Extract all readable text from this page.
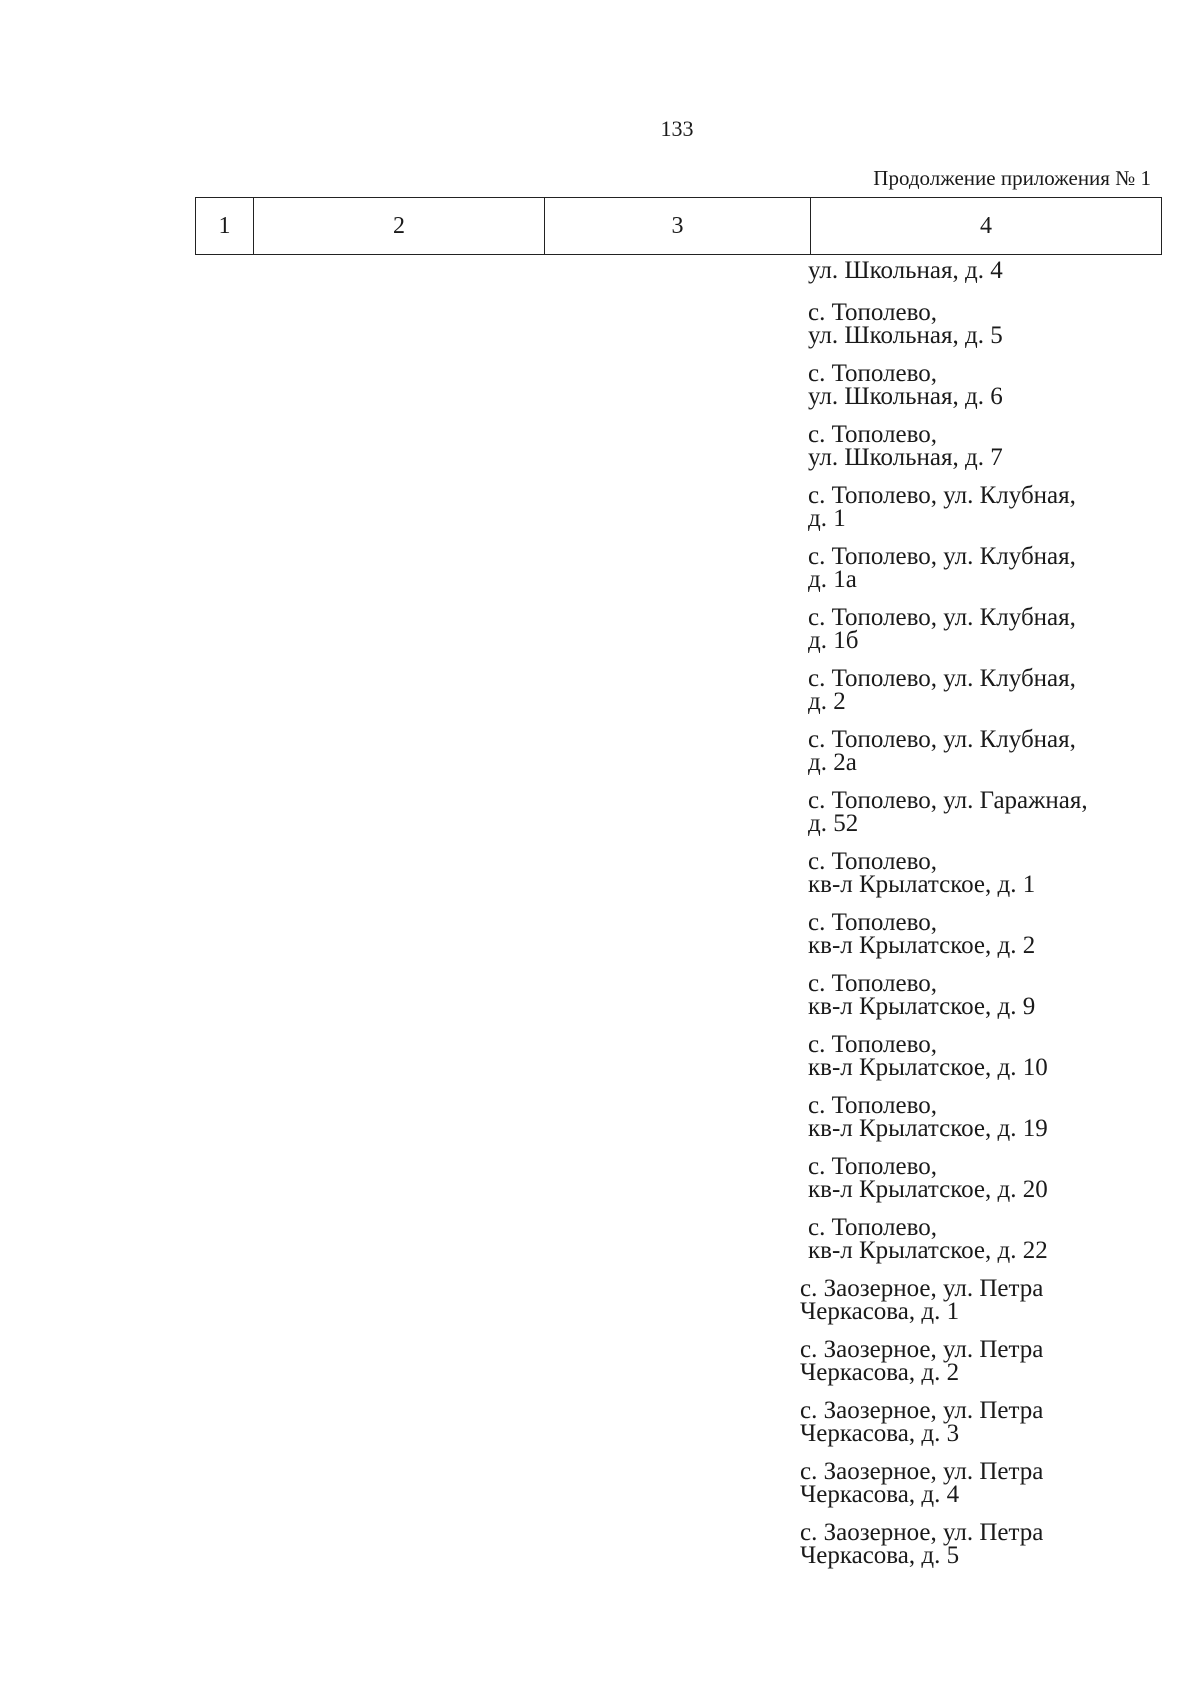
133
Продолжение приложения № 1
1	2	3	4
ул. Школьная, д. 4
с. Тополево,
ул. Школьная, д. 5
с. Тополево,
ул. Школьная, д. 6
с. Тополево,
ул. Школьная, д. 7
с. Тополево, ул. Клубная,
д. 1
с. Тополево, ул. Клубная,
д. 1а
с. Тополево, ул. Клубная,
д. 1б
с. Тополево, ул. Клубная,
д. 2
с. Тополево, ул. Клубная,
д. 2а
с. Тополево, ул. Гаражная,
д. 52
с. Тополево,
кв-л Крылатское, д. 1
с. Тополево,
кв-л Крылатское, д. 2
с. Тополево,
кв-л Крылатское, д. 9
с. Тополево,
кв-л Крылатское, д. 10
с. Тополево,
кв-л Крылатское, д. 19
с. Тополево,
кв-л Крылатское, д. 20
с. Тополево,
кв-л Крылатское, д. 22
с. Заозерное, ул. Петра
Черкасова, д. 1
с. Заозерное, ул. Петра
Черкасова, д. 2
с. Заозерное, ул. Петра
Черкасова, д. 3
с. Заозерное, ул. Петра
Черкасова, д. 4
с. Заозерное, ул. Петра
Черкасова, д. 5
